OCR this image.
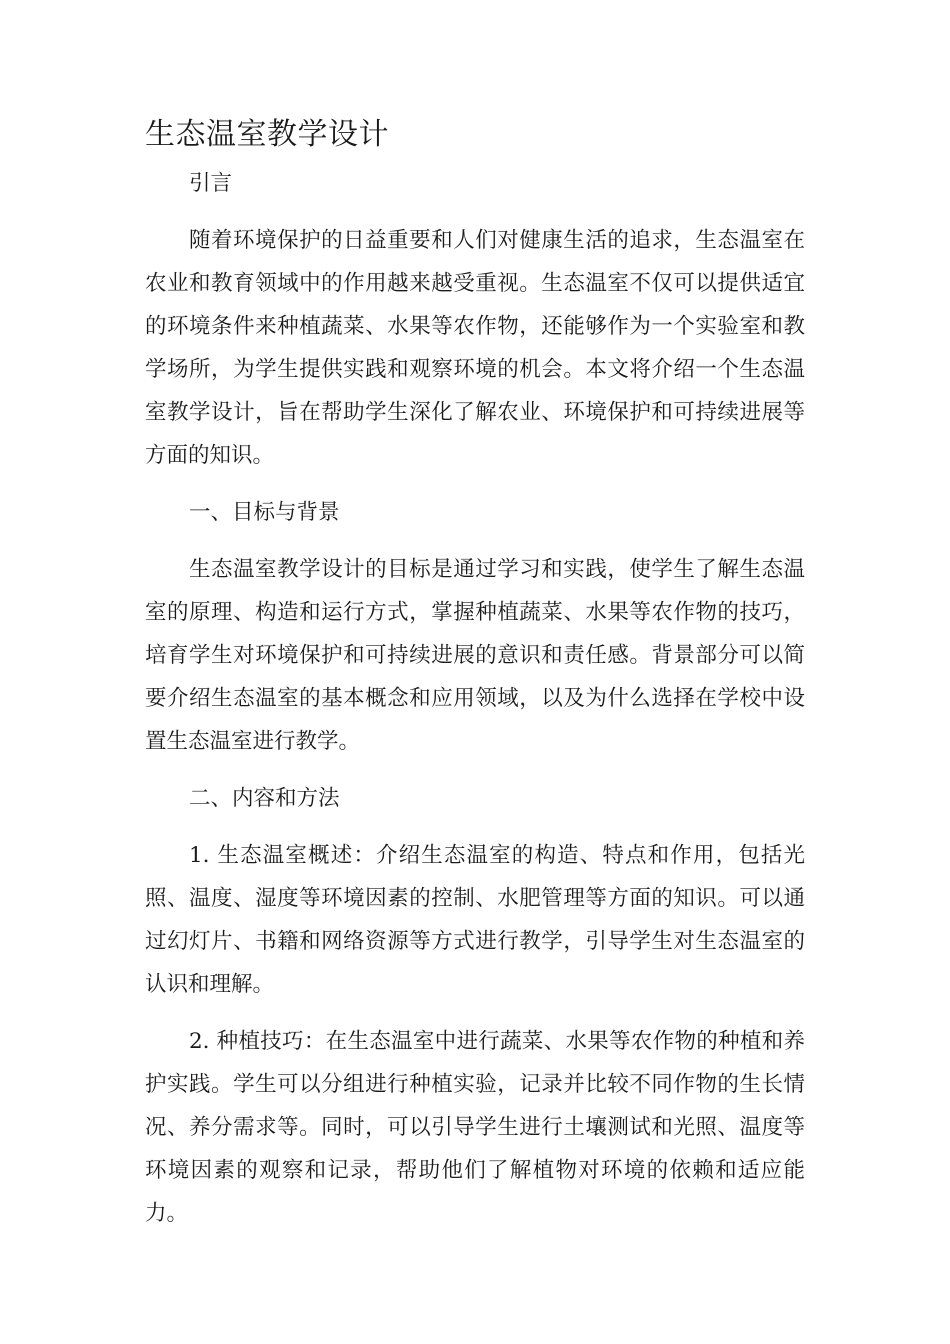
生态温室教学设计

引言

随着环境保护的日益重要和人们对健康生活的追求，生态温室在农业和教育领域中的作用越来越受重视。生态温室不仅可以提供适宜的环境条件来种植蔬菜、水果等农作物，还能够作为一个实验室和教学场所，为学生提供实践和观察环境的机会。本文将介绍一个生态温室教学设计，旨在帮助学生深化了解农业、环境保护和可持续进展等方面的知识。

一、目标与背景

生态温室教学设计的目标是通过学习和实践，使学生了解生态温室的原理、构造和运行方式，掌握种植蔬菜、水果等农作物的技巧，培育学生对环境保护和可持续进展的意识和责任感。背景部分可以简要介绍生态温室的基本概念和应用领域，以及为什么选择在学校中设置生态温室进行教学。

二、内容和方法

1. 生态温室概述：介绍生态温室的构造、特点和作用，包括光照、温度、湿度等环境因素的控制、水肥管理等方面的知识。可以通过幻灯片、书籍和网络资源等方式进行教学，引导学生对生态温室的认识和理解。

2. 种植技巧：在生态温室中进行蔬菜、水果等农作物的种植和养护实践。学生可以分组进行种植实验，记录并比较不同作物的生长情况、养分需求等。同时，可以引导学生进行土壤测试和光照、温度等环境因素的观察和记录，帮助他们了解植物对环境的依赖和适应能力。
